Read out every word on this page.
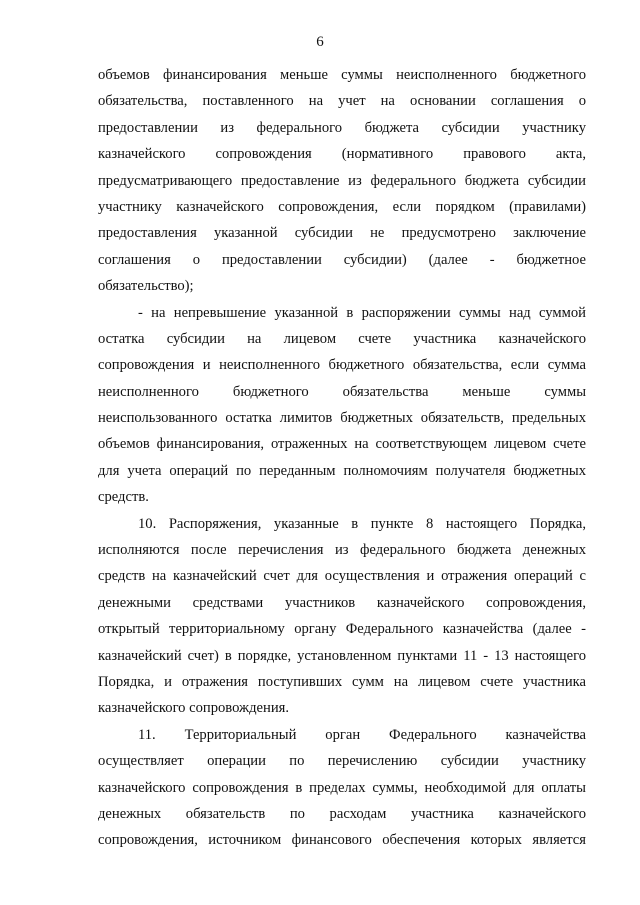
6
объемов финансирования меньше суммы неисполненного бюджетного
обязательства, поставленного на учет на основании соглашения о
предоставлении из федерального бюджета субсидии участнику
казначейского сопровождения (нормативного правового акта,
предусматривающего предоставление из федерального бюджета субсидии
участнику казначейского сопровождения, если порядком (правилами)
предоставления указанной субсидии не предусмотрено заключение
соглашения о предоставлении субсидии) (далее - бюджетное
обязательство);
- на непревышение указанной в распоряжении суммы над суммой
остатка субсидии на лицевом счете участника казначейского
сопровождения и неисполненного бюджетного обязательства, если сумма
неисполненного бюджетного обязательства меньше суммы
неиспользованного остатка лимитов бюджетных обязательств, предельных
объемов финансирования, отраженных на соответствующем лицевом счете
для учета операций по переданным полномочиям получателя бюджетных
средств.
10. Распоряжения, указанные в пункте 8 настоящего Порядка,
исполняются после перечисления из федерального бюджета денежных
средств на казначейский счет для осуществления и отражения операций с
денежными средствами участников казначейского сопровождения,
открытый территориальному органу Федерального казначейства (далее -
казначейский счет) в порядке, установленном пунктами 11 - 13 настоящего
Порядка, и отражения поступивших сумм на лицевом счете участника
казначейского сопровождения.
11. Территориальный орган Федерального казначейства
осуществляет операции по перечислению субсидии участнику
казначейского сопровождения в пределах суммы, необходимой для оплаты
денежных обязательств по расходам участника казначейского
сопровождения, источником финансового обеспечения которых является
